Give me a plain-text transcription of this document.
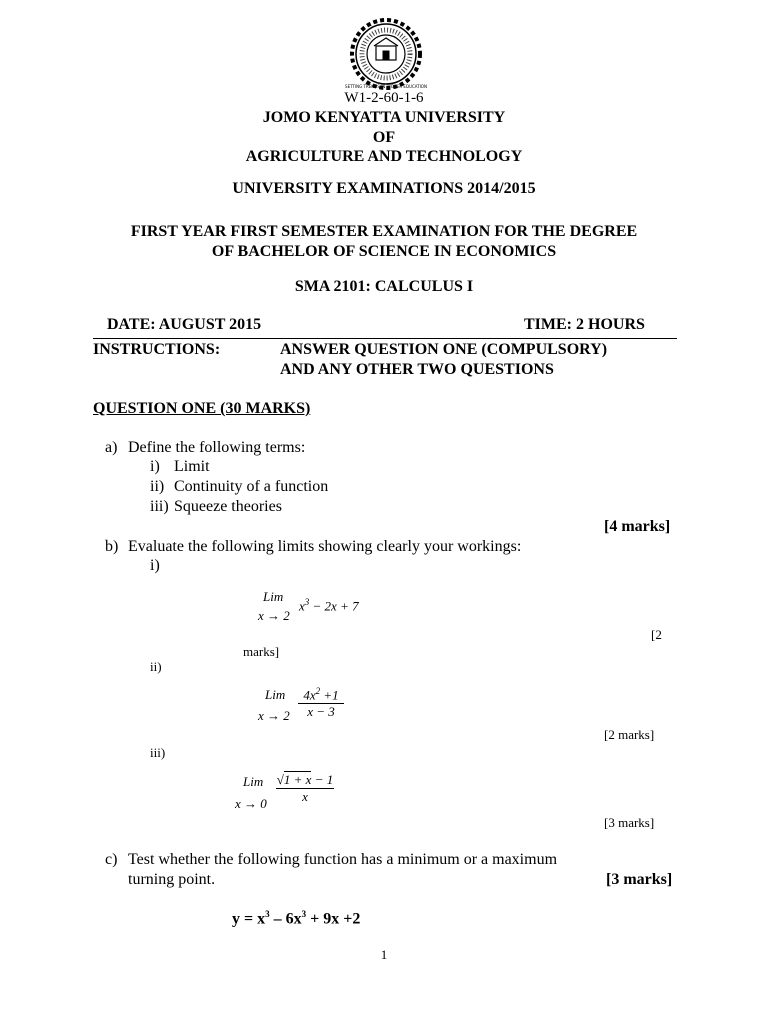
SETTING TRENDS IN HIGHER EDUCATION
W1-2-60-1-6
JOMO KENYATTA UNIVERSITY
OF
AGRICULTURE AND TECHNOLOGY
UNIVERSITY EXAMINATIONS 2014/2015
FIRST YEAR FIRST SEMESTER EXAMINATION FOR THE DEGREE
OF BACHELOR OF SCIENCE IN ECONOMICS
SMA 2101: CALCULUS I
DATE: AUGUST 2015	TIME: 2 HOURS
INSTRUCTIONS:	ANSWER QUESTION ONE (COMPULSORY)
AND ANY OTHER TWO QUESTIONS
QUESTION ONE (30 MARKS)
a) Define the following terms:
i) Limit
ii) Continuity of a function
iii) Squeeze theories
[4 marks]
b) Evaluate the following limits showing clearly your workings:
i)
Lim
x → 2
$x^3 - 2x + 7$
[2
marks]
ii)
Lim
$x \to 2 \frac{4x^2 +1}{x - 3}$
[2 marks]
iii)
Lim
$x \to 0 \frac{√1 + x - 1}{x}$
[3 marks]
c) Test whether the following function has a minimum or a maximum
turning point.	[3 marks]
$y = x^3 - 6x^3 + 9x +2$
1
